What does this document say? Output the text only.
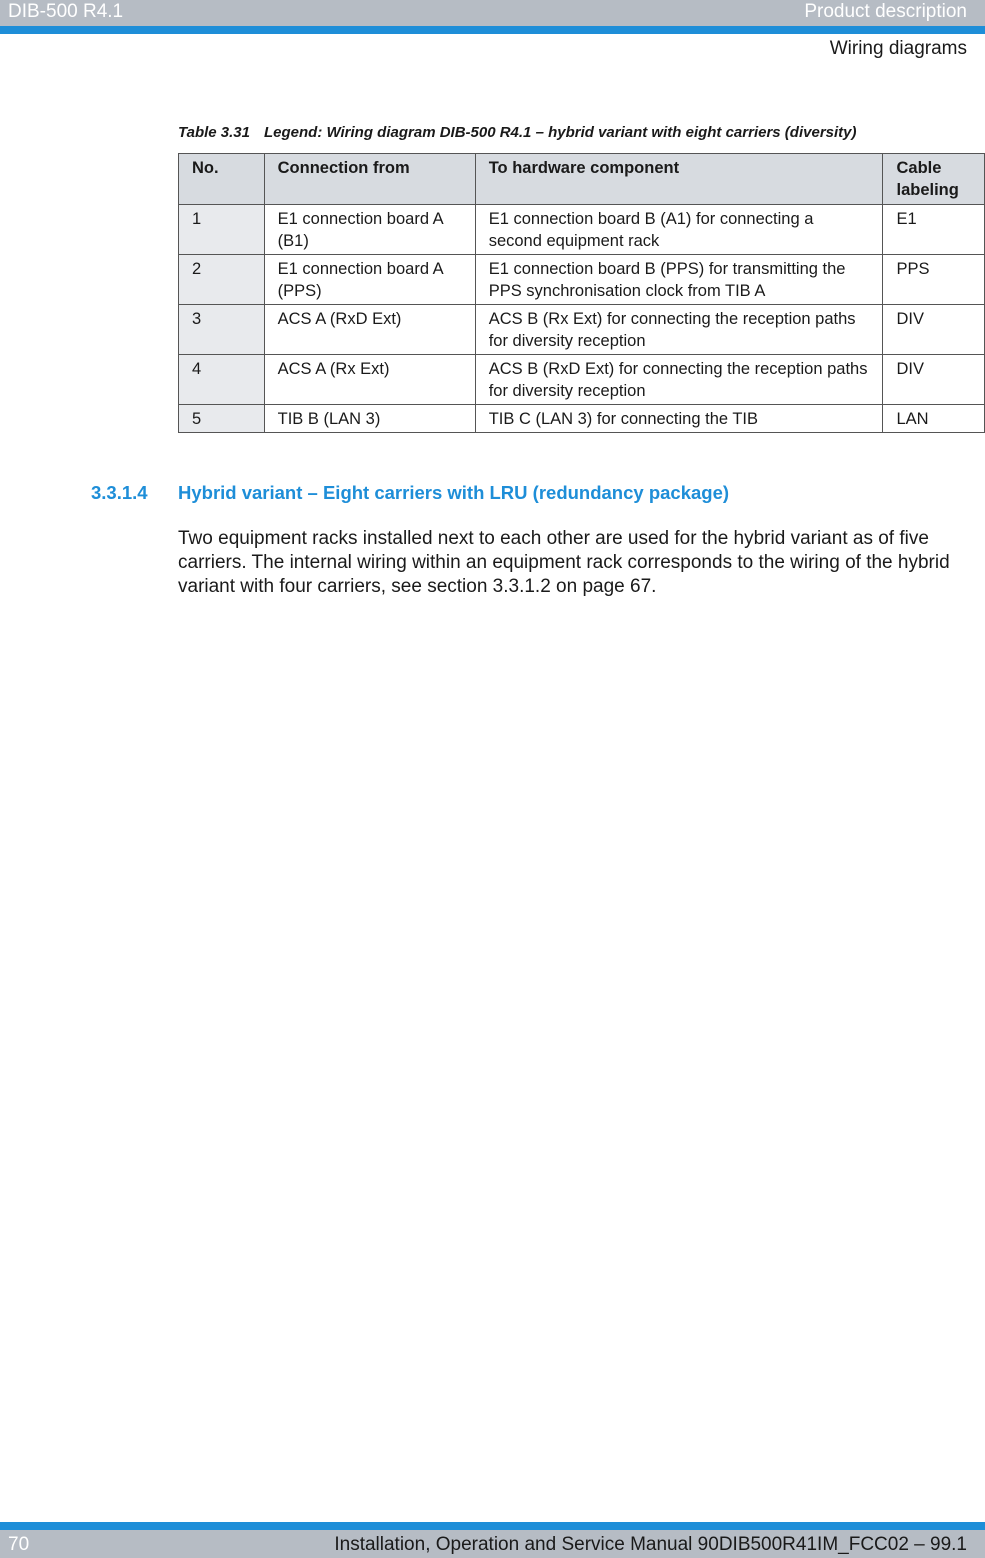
DIB-500 R4.1	Product description
Wiring diagrams
Table 3.31 Legend: Wiring diagram DIB-500 R4.1 – hybrid variant with eight carriers (diversity)
No.	Connection from	To hardware component	Cable labeling
1	E1 connection board A (B1)	E1 connection board B (A1) for connecting a second equipment rack	E1
2	E1 connection board A (PPS)	E1 connection board B (PPS) for transmitting the PPS synchronisation clock from TIB A	PPS
3	ACS A (RxD Ext)	ACS B (Rx Ext) for connecting the reception paths for diversity reception	DIV
4	ACS A (Rx Ext)	ACS B (RxD Ext) for connecting the reception paths for diversity reception	DIV
5	TIB B (LAN 3)	TIB C (LAN 3) for connecting the TIB	LAN
3.3.1.4 Hybrid variant – Eight carriers with LRU (redundancy package)
Two equipment racks installed next to each other are used for the hybrid variant as of five carriers. The internal wiring within an equipment rack corresponds to the wiring of the hybrid variant with four carriers, see section 3.3.1.2 on page 67.
70	Installation, Operation and Service Manual 90DIB500R41IM_FCC02 – 99.1
